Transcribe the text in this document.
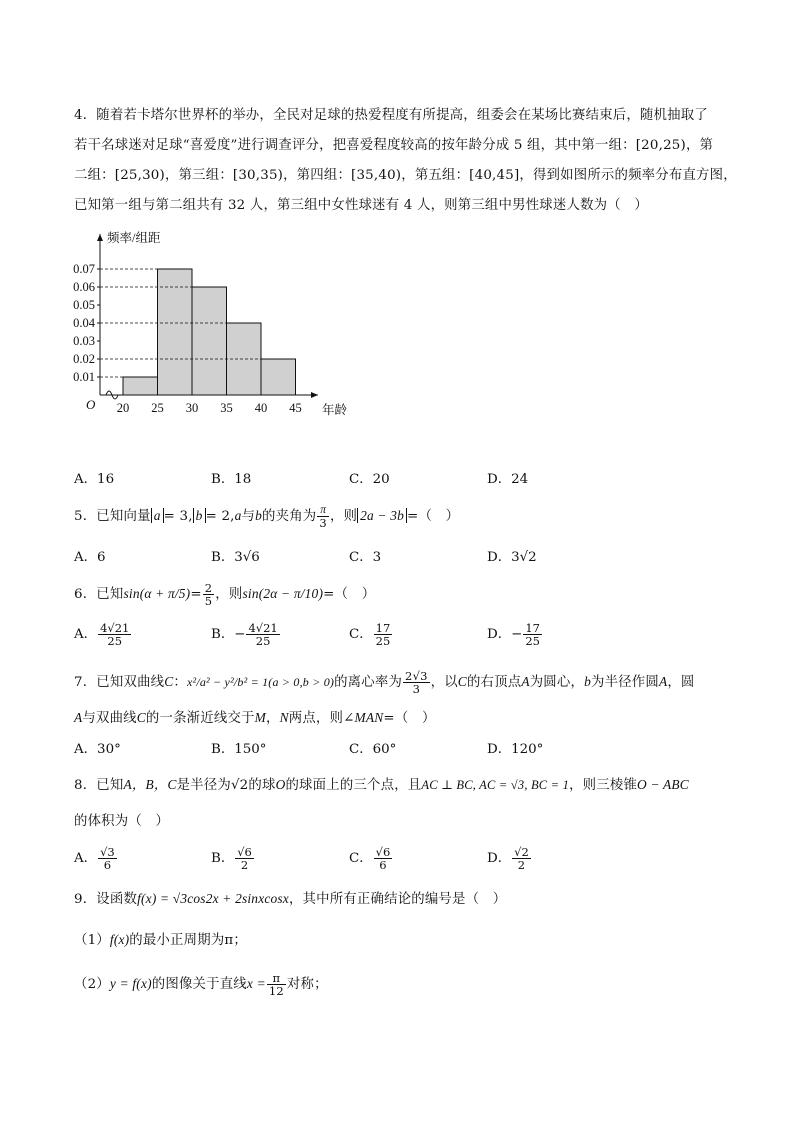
4．随着若卡塔尔世界杯的举办，全民对足球的热爱程度有所提高，组委会在某场比赛结束后，随机抽取了
若干名球迷对足球“喜爱度”进行调查评分，把喜爱程度较高的按年龄分成 5 组，其中第一组：[20,25)，第
二组：[25,30)，第三组：[30,35)，第四组：[35,40)，第五组：[40,45]，得到如图所示的频率分布直方图，
已知第一组与第二组共有 32 人，第三组中女性球迷有 4 人，则第三组中男性球迷人数为（　）
0.01
0.02
0.03
0.04
0.05
0.06
0.07
20 25 30 35 40 45
O
频率/组距
年龄
A．16	B．18	C．20	D．24
5．已知向量 a = 3, b = 2,a与b的夹角为 $\frac{\pi}{3}$ ，则 2a − 3b =（　）
A．6	B．3√6	C．3	D．3√2
6．已知$\sin(\alpha + \pi/5)= \frac{2}{5}$ ，则sin(2α − π/10)=（　）
A． $\frac{4√21}{25}$	B．− $\frac{4√21}{25}$	C． $\frac{17}{25}$	D．− $\frac{17}{25}$
7．已知双曲线C：x²/a² − y²/b² = 1(a > 0,b > 0)的离心率为 $\frac{2√3}{3}$ ，以C的右顶点A为圆心，b为半径作圆A，圆
A与双曲线C的一条渐近线交于M，N两点，则∠MAN=（　）
A．30°	B．150°	C．60°	D．120°
8．已知A，B，C是半径为√2的球O的球面上的三个点，且AC ⊥ BC, AC = √3, BC = 1，则三棱锥O − ABC
的体积为（　）
A． $\frac{√3}{6}$	B． $\frac{√6}{2}$	C． $\frac{√6}{6}$	D． $\frac{√2}{2}$
9．设函数f(x) = √3cos2x + 2sinxcosx，其中所有正确结论的编号是（　）
（1）f(x)的最小正周期为π；
（2）y = f(x)的图像关于直线$x = \frac{\pi}{12}$ 对称；
